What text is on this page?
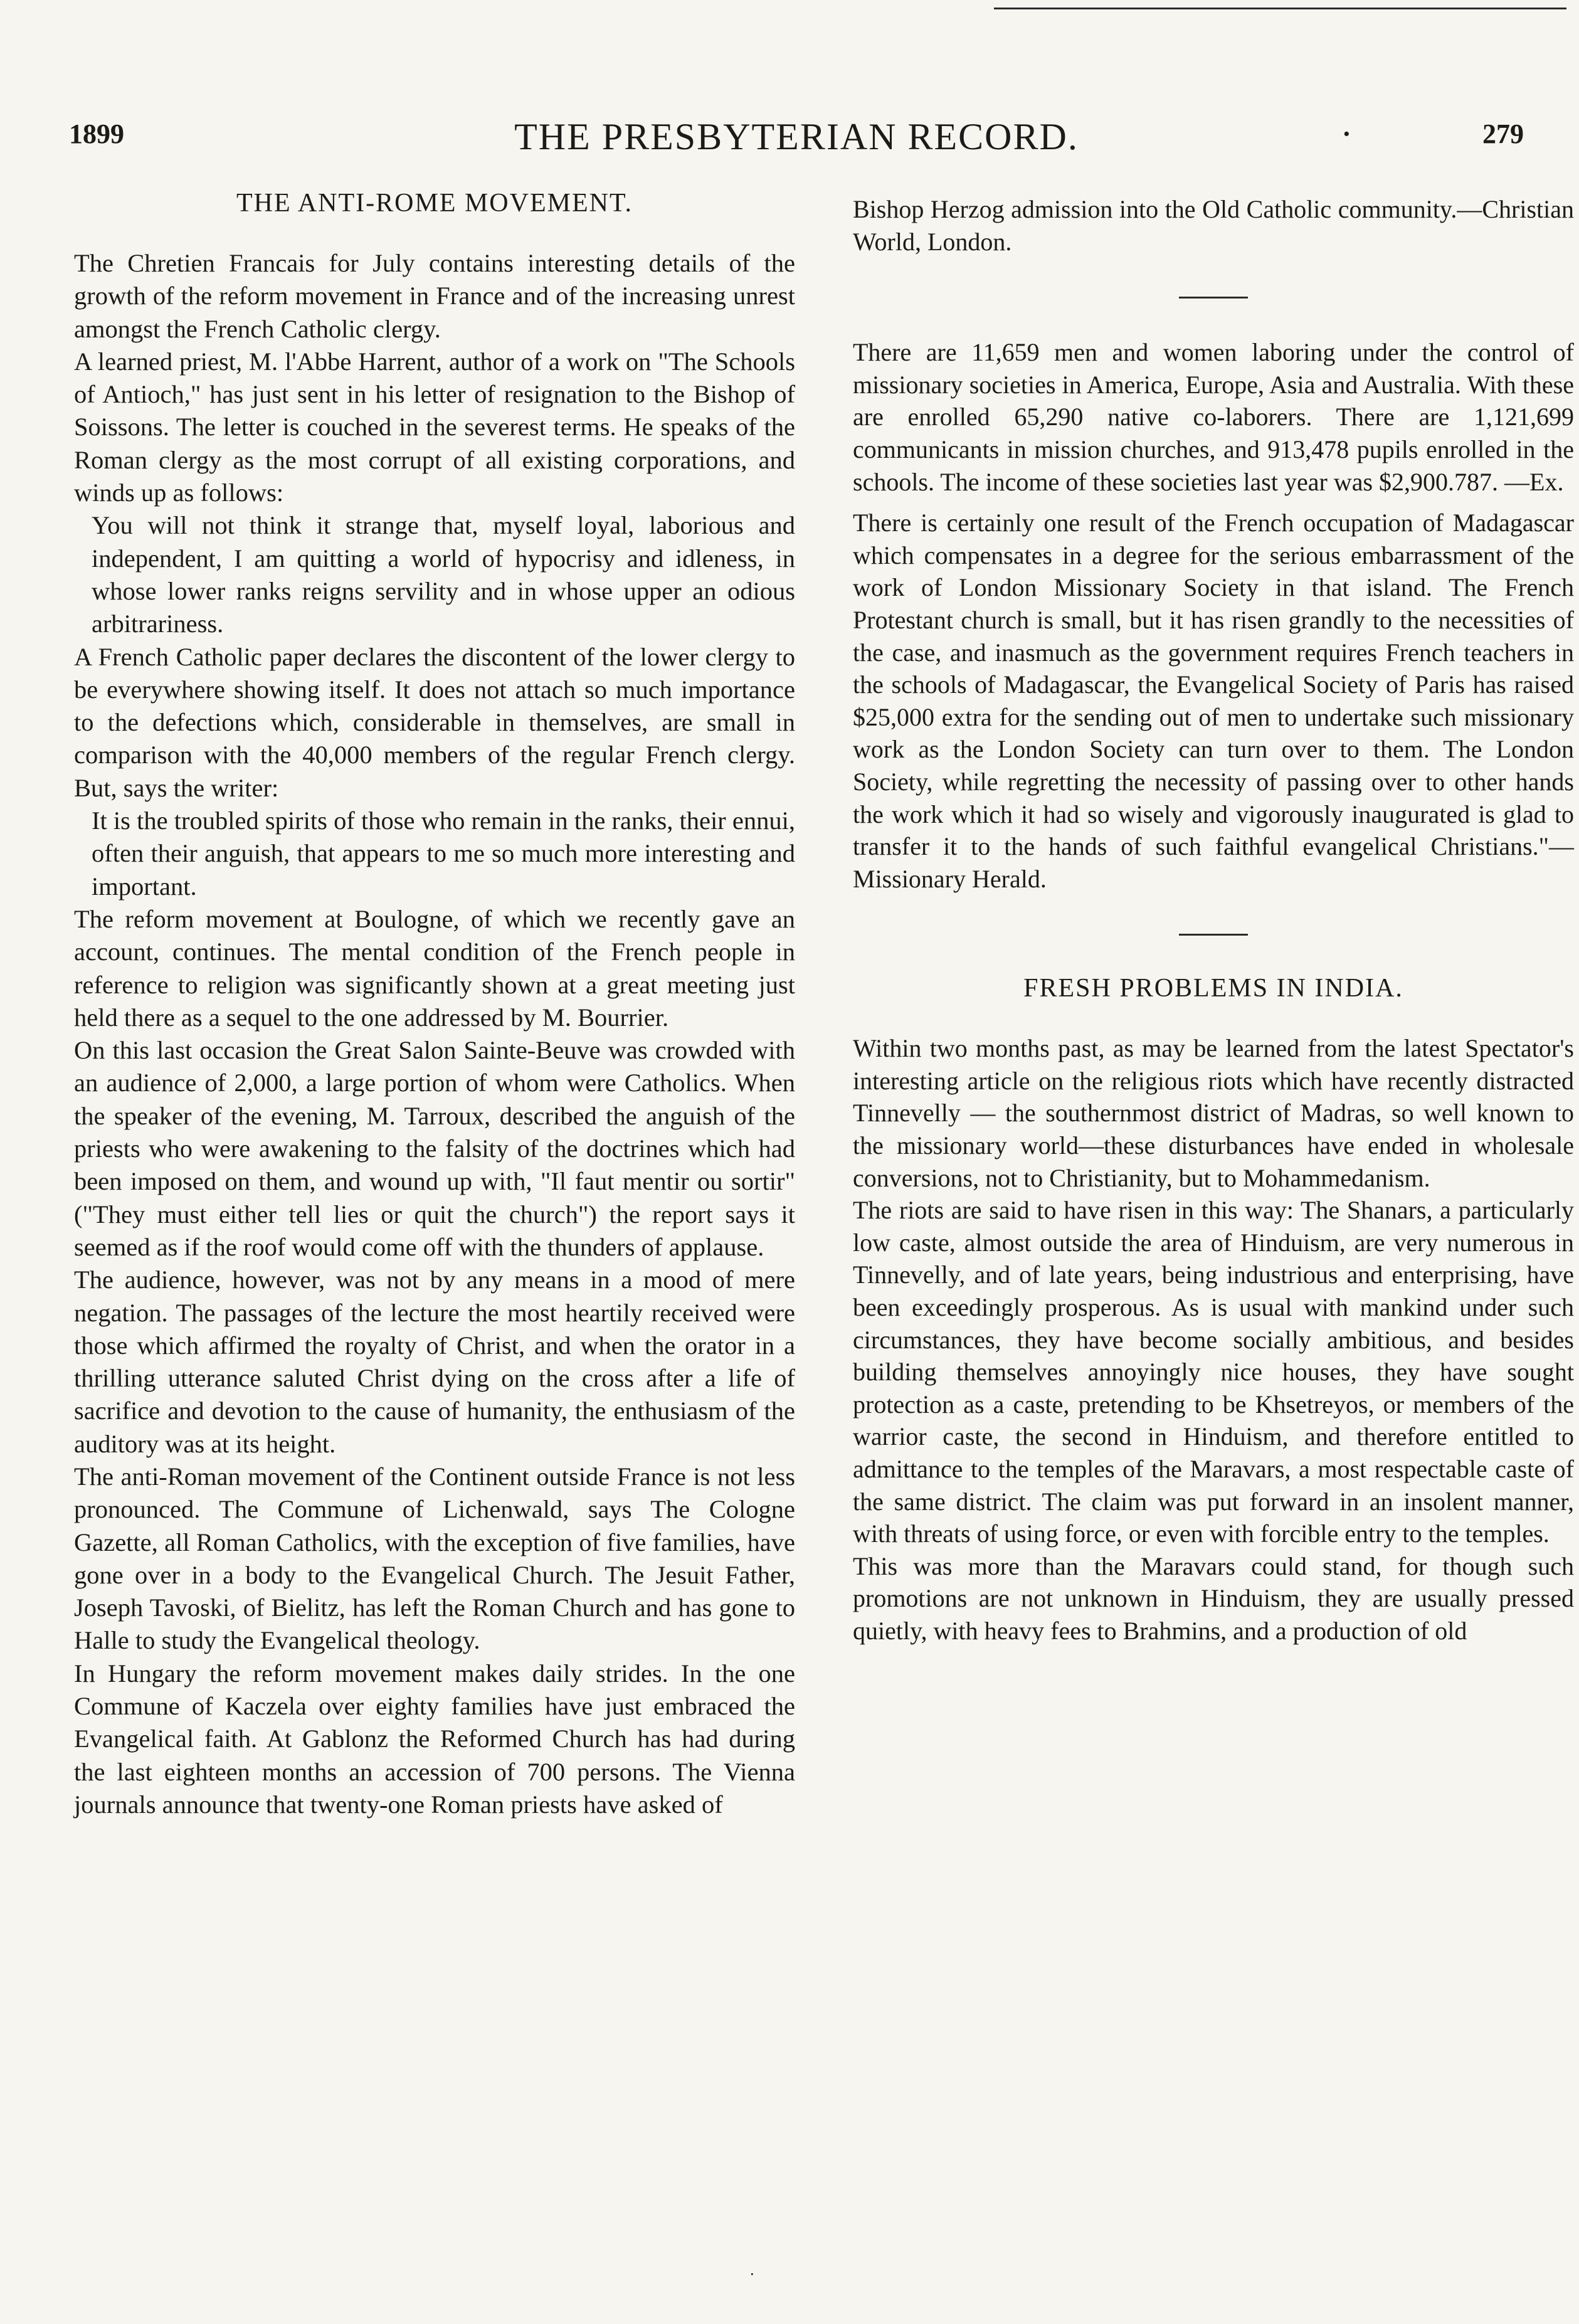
1899	THE PRESBYTERIAN RECORD.	·	279
THE ANTI-ROME MOVEMENT.

The Chretien Francais for July contains interesting details of the growth of the reform movement in France and of the increasing unrest amongst the French Catholic clergy.

A learned priest, M. l'Abbe Harrent, author of a work on "The Schools of Antioch," has just sent in his letter of resignation to the Bishop of Soissons. The letter is couched in the severest terms. He speaks of the Roman clergy as the most corrupt of all existing corporations, and winds up as follows:

You will not think it strange that, myself loyal, laborious and independent, I am quitting a world of hypocrisy and idleness, in whose lower ranks reigns servility and in whose upper an odious arbitrariness.

A French Catholic paper declares the discontent of the lower clergy to be everywhere showing itself. It does not attach so much importance to the defections which, considerable in themselves, are small in comparison with the 40,000 members of the regular French clergy. But, says the writer:

It is the troubled spirits of those who remain in the ranks, their ennui, often their anguish, that appears to me so much more interesting and important.

The reform movement at Boulogne, of which we recently gave an account, continues. The mental condition of the French people in reference to religion was significantly shown at a great meeting just held there as a sequel to the one addressed by M. Bourrier.

On this last occasion the Great Salon Sainte-Beuve was crowded with an audience of 2,000, a large portion of whom were Catholics. When the speaker of the evening, M. Tarroux, described the anguish of the priests who were awakening to the falsity of the doctrines which had been imposed on them, and wound up with, "Il faut mentir ou sortir" ("They must either tell lies or quit the church") the report says it seemed as if the roof would come off with the thunders of applause.

The audience, however, was not by any means in a mood of mere negation. The passages of the lecture the most heartily received were those which affirmed the royalty of Christ, and when the orator in a thrilling utterance saluted Christ dying on the cross after a life of sacrifice and devotion to the cause of humanity, the enthusiasm of the auditory was at its height.

The anti-Roman movement of the Continent outside France is not less pronounced. The Commune of Lichenwald, says The Cologne Gazette, all Roman Catholics, with the exception of five families, have gone over in a body to the Evangelical Church. The Jesuit Father, Joseph Tavoski, of Bielitz, has left the Roman Church and has gone to Halle to study the Evangelical theology.

In Hungary the reform movement makes daily strides. In the one Commune of Kaczela over eighty families have just embraced the Evangelical faith. At Gablonz the Reformed Church has had during the last eighteen months an accession of 700 persons. The Vienna journals announce that twenty-one Roman priests have asked of

Bishop Herzog admission into the Old Catholic community.—Christian World, London.

There are 11,659 men and women laboring under the control of missionary societies in America, Europe, Asia and Australia. With these are enrolled 65,290 native co-laborers. There are 1,121,699 communicants in mission churches, and 913,478 pupils enrolled in the schools. The income of these societies last year was $2,900.787. —Ex.

There is certainly one result of the French occupation of Madagascar which compensates in a degree for the serious embarrassment of the work of London Missionary Society in that island. The French Protestant church is small, but it has risen grandly to the necessities of the case, and inasmuch as the government requires French teachers in the schools of Madagascar, the Evangelical Society of Paris has raised $25,000 extra for the sending out of men to undertake such missionary work as the London Society can turn over to them. The London Society, while regretting the necessity of passing over to other hands the work which it had so wisely and vigorously inaugurated is glad to transfer it to the hands of such faithful evangelical Christians."—Missionary Herald.

FRESH PROBLEMS IN INDIA.

Within two months past, as may be learned from the latest Spectator's interesting article on the religious riots which have recently distracted Tinnevelly — the southernmost district of Madras, so well known to the missionary world—these disturbances have ended in wholesale conversions, not to Christianity, but to Mohammedanism.

The riots are said to have risen in this way: The Shanars, a particularly low caste, almost outside the area of Hinduism, are very numerous in Tinnevelly, and of late years, being industrious and enterprising, have been exceedingly prosperous. As is usual with mankind under such circumstances, they have become socially ambitious, and besides building themselves annoyingly nice houses, they have sought protection as a caste, pretending to be Khsetreyos, or members of the warrior caste, the second in Hinduism, and therefore entitled to admittance to the temples of the Maravars, a most respectable caste of the same district. The claim was put forward in an insolent manner, with threats of using force, or even with forcible entry to the temples.

This was more than the Maravars could stand, for though such promotions are not unknown in Hinduism, they are usually pressed quietly, with heavy fees to Brahmins, and a production of old

·
